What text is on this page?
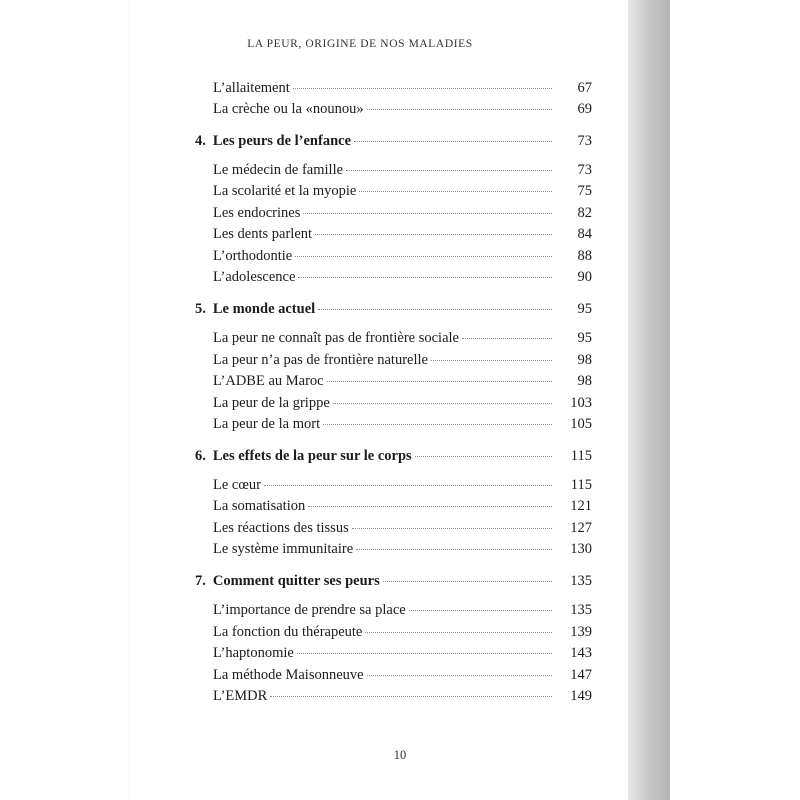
LA PEUR, ORIGINE DE NOS MALADIES
L’allaitement	67
La crèche ou la «nounou»	69
4. Les peurs de l’enfance	73
Le médecin de famille	73
La scolarité et la myopie	75
Les endocrines	82
Les dents parlent	84
L’orthodontie	88
L’adolescence	90
5. Le monde actuel	95
La peur ne connaît pas de frontière sociale	95
La peur n’a pas de frontière naturelle	98
L’ADBE au Maroc	98
La peur de la grippe	103
La peur de la mort	105
6. Les effets de la peur sur le corps	115
Le cœur	115
La somatisation	121
Les réactions des tissus	127
Le système immunitaire	130
7. Comment quitter ses peurs	135
L’importance de prendre sa place	135
La fonction du thérapeute	139
L’haptonomie	143
La méthode Maisonneuve	147
L’EMDR	149
10
